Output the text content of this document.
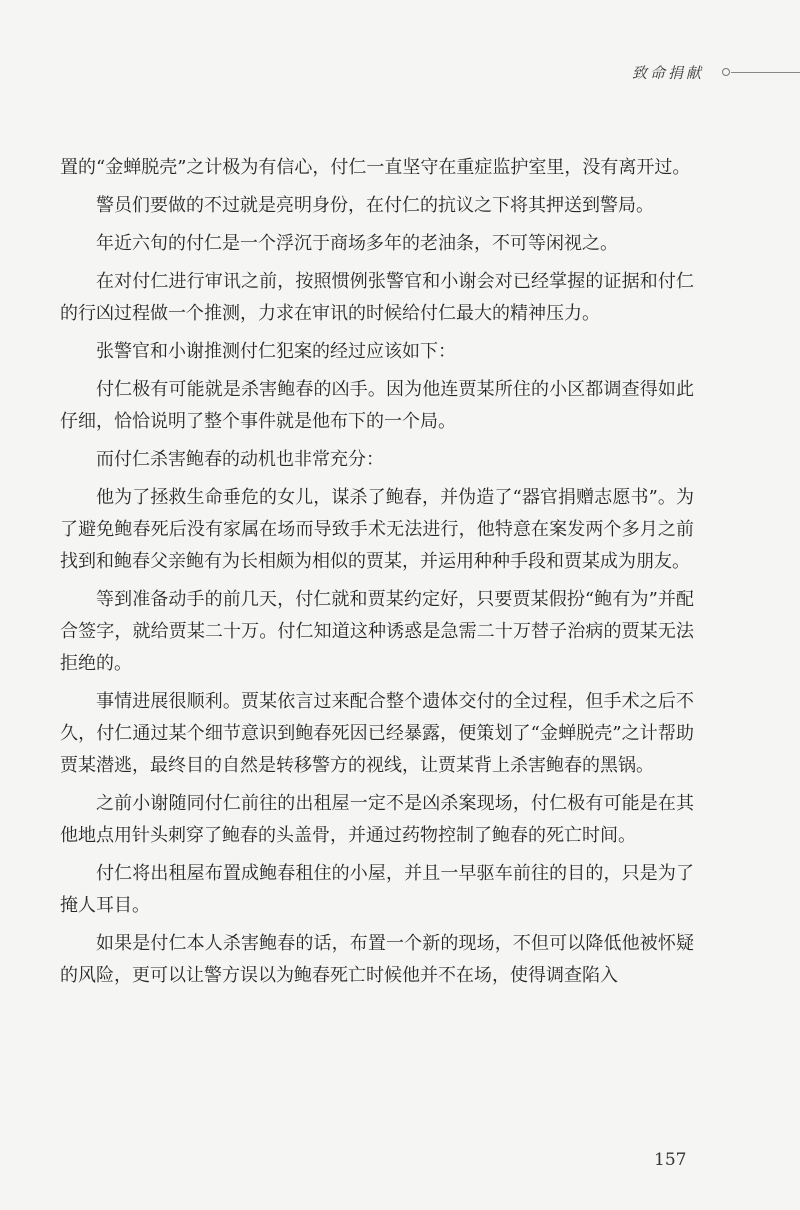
致命捐献

置的“金蝉脱壳”之计极为有信心，付仁一直坚守在重症监护室里，没有离开过。

警员们要做的不过就是亮明身份，在付仁的抗议之下将其押送到警局。

年近六旬的付仁是一个浮沉于商场多年的老油条，不可等闲视之。

在对付仁进行审讯之前，按照惯例张警官和小谢会对已经掌握的证据和付仁的行凶过程做一个推测，力求在审讯的时候给付仁最大的精神压力。

张警官和小谢推测付仁犯案的经过应该如下：

付仁极有可能就是杀害鲍春的凶手。因为他连贾某所住的小区都调查得如此仔细，恰恰说明了整个事件就是他布下的一个局。

而付仁杀害鲍春的动机也非常充分：

他为了拯救生命垂危的女儿，谋杀了鲍春，并伪造了“器官捐赠志愿书”。为了避免鲍春死后没有家属在场而导致手术无法进行，他特意在案发两个多月之前找到和鲍春父亲鲍有为长相颇为相似的贾某，并运用种种手段和贾某成为朋友。

等到准备动手的前几天，付仁就和贾某约定好，只要贾某假扮“鲍有为”并配合签字，就给贾某二十万。付仁知道这种诱惑是急需二十万替子治病的贾某无法拒绝的。

事情进展很顺利。贾某依言过来配合整个遗体交付的全过程，但手术之后不久，付仁通过某个细节意识到鲍春死因已经暴露，便策划了“金蝉脱壳”之计帮助贾某潜逃，最终目的自然是转移警方的视线，让贾某背上杀害鲍春的黑锅。

之前小谢随同付仁前往的出租屋一定不是凶杀案现场，付仁极有可能是在其他地点用针头刺穿了鲍春的头盖骨，并通过药物控制了鲍春的死亡时间。

付仁将出租屋布置成鲍春租住的小屋，并且一早驱车前往的目的，只是为了掩人耳目。

如果是付仁本人杀害鲍春的话，布置一个新的现场，不但可以降低他被怀疑的风险，更可以让警方误以为鲍春死亡时候他并不在场，使得调查陷入

157
